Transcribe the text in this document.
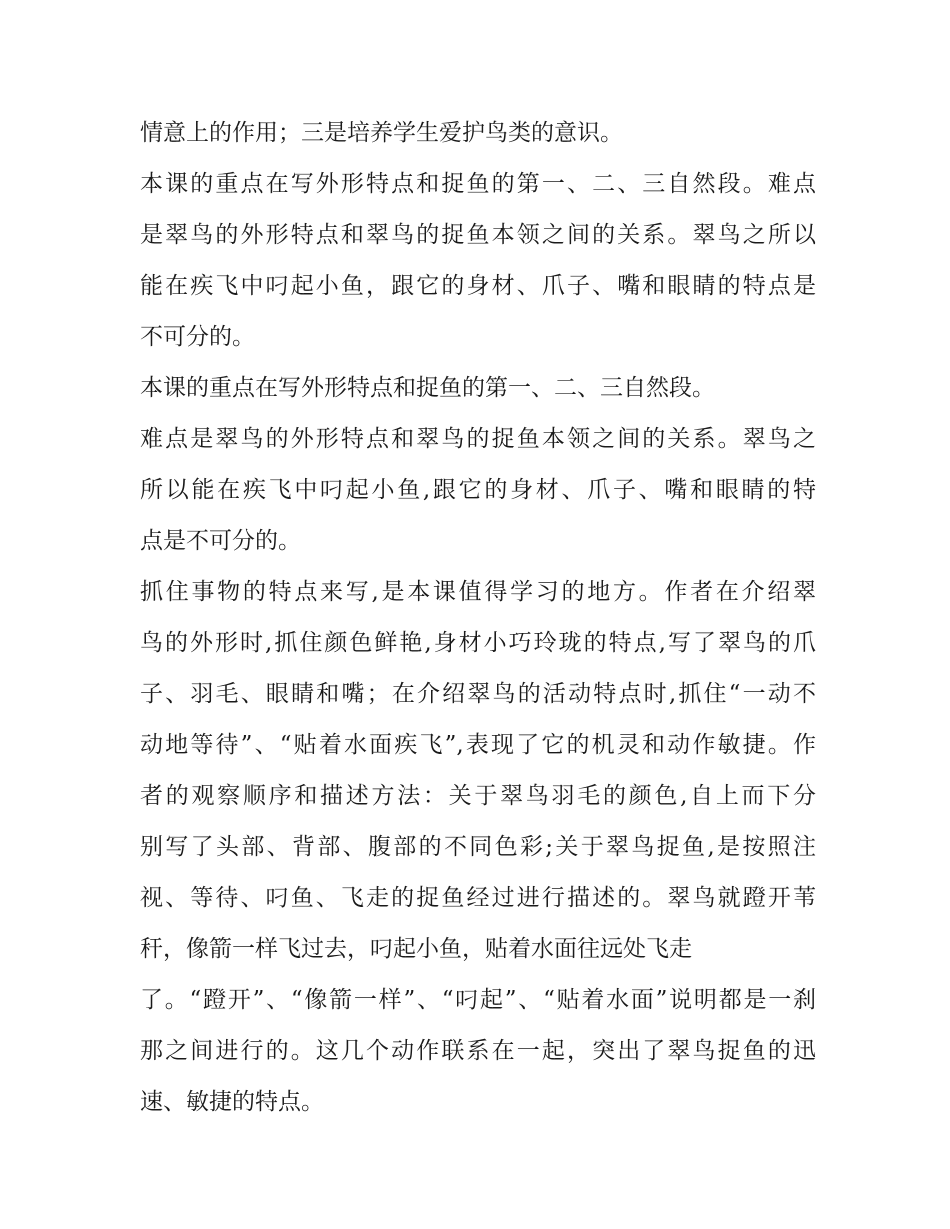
情意上的作用；三是培养学生爱护鸟类的意识。
本课的重点在写外形特点和捉鱼的第一、二、三自然段。难点
是翠鸟的外形特点和翠鸟的捉鱼本领之间的关系。翠鸟之所以
能在疾飞中叼起小鱼，跟它的身材、爪子、嘴和眼睛的特点是
不可分的。
本课的重点在写外形特点和捉鱼的第一、二、三自然段。
难点是翠鸟的外形特点和翠鸟的捉鱼本领之间的关系。翠鸟之
所以能在疾飞中叼起小鱼,跟它的身材、爪子、嘴和眼睛的特
点是不可分的。
抓住事物的特点来写,是本课值得学习的地方。作者在介绍翠
鸟的外形时,抓住颜色鲜艳,身材小巧玲珑的特点,写了翠鸟的爪
子、羽毛、眼睛和嘴；在介绍翠鸟的活动特点时,抓住“一动不
动地等待”、“贴着水面疾飞”,表现了它的机灵和动作敏捷。作
者的观察顺序和描述方法：关于翠鸟羽毛的颜色,自上而下分
别写了头部、背部、腹部的不同色彩;关于翠鸟捉鱼,是按照注
视、等待、叼鱼、飞走的捉鱼经过进行描述的。翠鸟就蹬开苇
秆，像箭一样飞过去，叼起小鱼，贴着水面往远处飞走
了。“蹬开”、“像箭一样”、“叼起”、“贴着水面”说明都是一刹
那之间进行的。这几个动作联系在一起，突出了翠鸟捉鱼的迅
速、敏捷的特点。
